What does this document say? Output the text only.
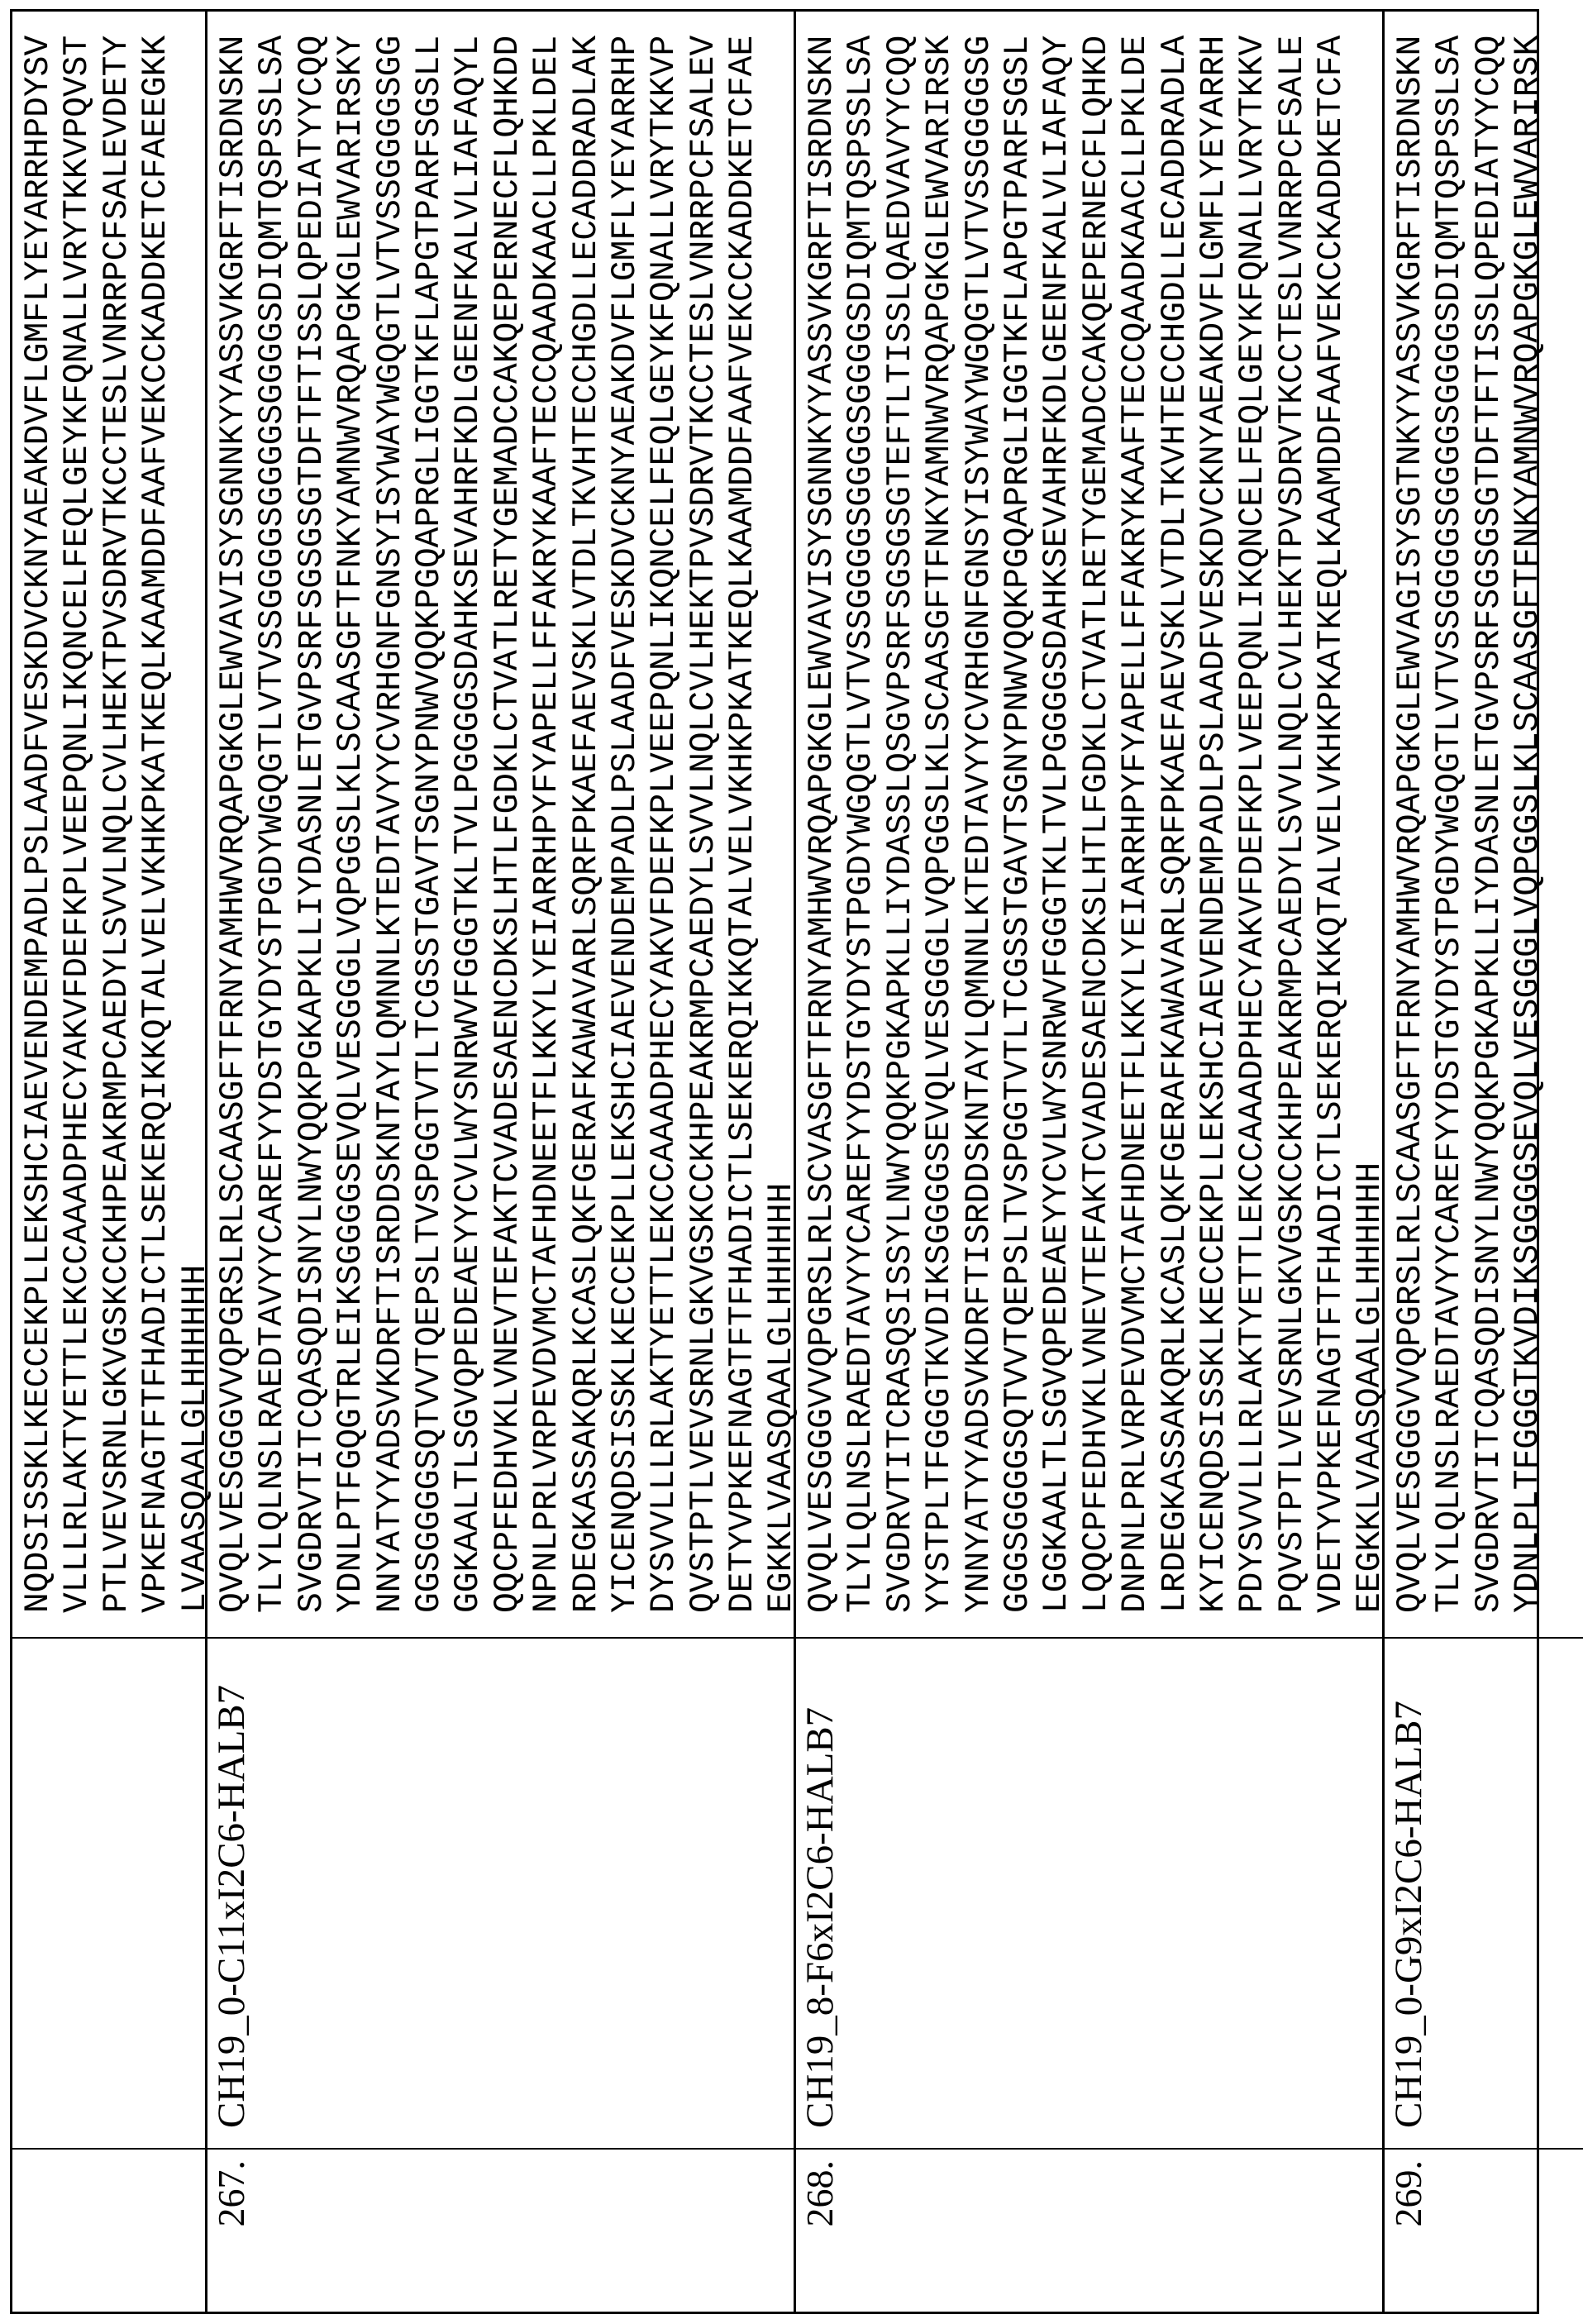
NQDSISSKLKECCEKPLLEKSHCIAEVENDEMPADLPSLAADFVESKDVCKNYAEAKDVFLGMFLYEYARRHPDYSV VLLLRLAKTYETTLEKCCAAADPHECYAKVFDEFKPLVEEPQNLIKQNCELFEQLGEYKFQNALLVRYTKKVPQVST PTLVEVSRNLGKVGSKCCKHPEAKRMPCAEDYLSVVLNQLCVLHEKTPVSDRVTKCCTESLVNRRPCFSALEVDETY VPKEFNAGTFTFHADICTLSEKERQIKKQTALVELVKHKPKATKEQLKAAMDDFAAFVEKCCKADDKETCFAEEGKK LVAASQAALGLHHHHHH
267.
CH19_0-C11xI2C6-HALB7
QVQLVESGGGVVQPGRSLRLSCAASGFTFRNYAMHWVRQAPGKGLEWVAVISYSGNNKYYASSVKGRFTISRDNSKN TLYLQLNSLRAEDTAVYYCAREFYYDSTGYDYSTPGDYWGQGTLVTVSSGGGGSGGGGSGGGGSDIQMTQSPSSLSA SVGDRVTITCQASQDISNYLNWYQQKPGKAPKLLIYDASNLETGVPSRFSGSGSGTDFTFTISSLQPEDIATYYCQQ YDNLPTFGQGTRLEIKSGGGGSEVQLVESGGGLVQPGGSLKLSCAASGFTFNKYAMNWVRQAPGKGLEWVARIRSKY NNYATYYADSVKDRFTISRDDSKNTAYLQMNNLKTEDTAVYYCVRHGNFGNSYISYWAYWGQGTLVTVSSGGGGSGG GGSGGGGSQTVVTQEPSLTVSPGGTVTLTCGSSTGAVTSGNYPNWVQQKPGQAPRGLIGGTKFLAPGTPARFSGSLL GGKAALTLSGVQPEDEAEYYCVLWYSNRWVFGGGTKLTVLPGGGGSDAHKSEVAHRFKDLGEENFKALVLIAFAQYL QQCPFEDHVKLVNEVTEFAKTCVADESAENCDKSLHTLFGDKLCTVATLRETYGEMADCCAKQEPERNECFLQHKDD NPNLPRLVRPEVDVMCTAFHDNEETFLKKYLYEIARRHPYFYAPELLFFAKRYKAAFTECCQAADKAACLLPKLDEL RDEGKASSAKQRLKCASLQKFGERAFKAWAVARLSQRFPKAEFAEVSKLVTDLTKVHTECCHGDLLECADDRADLAK YICENQDSISSKLKECCEKPLLEKSHCIAEVENDEMPADLPSLAADFVESKDVCKNYAEAKDVFLGMFLYEYARRHP DYSVVLLLRLAKTYETTLEKCCAAADPHECYAKVFDEFKPLVEEPQNLIKQNCELFEQLGEYKFQNALLVRYTKKVP QVSTPTLVEVSRNLGKVGSKCCKHPEAKRMPCAEDYLSVVLNQLCVLHEKTPVSDRVTKCCTESLVNRRPCFSALEV DETYVPKEFNAGTFTFHADICTLSEKERQIKKQTALVELVKHKPKATKEQLKAAMDDFAAFVEKCCKADDKETCFAE EGKKLVAASQAALGLHHHHHH
268.
CH19_8-F6xI2C6-HALB7
QVQLVESGGGVVQPGRSLRLSCVASGFTFRNYAMHWVRQAPGKGLEWVAVISYSGNNKYYASSVKGRFTISRDNSKN TLYLQLNSLRAEDTAVYYCAREFYYDSTGYDYSTPGDYWGQGTLVTVSSGGGGSGGGGSGGGGSDIQMTQSPSSLSA SVGDRVTITCRASQSISSYLNWYQQKPGKAPKLLIYDASSLQSGVPSRFSGSGSGTEFTLTISSLQAEDVAVYYCQQ YYSTPLTFGGGTKVDIKSGGGGSEVQLVESGGGLVQPGGSLKLSCAASGFTFNKYAMNWVRQAPGKGLEWVARIRSK YNNYATYYADSVKDRFTISRDDSKNTAYLQMNNLKTEDTAVYYCVRHGNFGNSYISYWAYWGQGTLVTVSSGGGGSG GGGSGGGGSQTVVTQEPSLTVSPGGTVTLTCGSSTGAVTSGNYPNWVQQKPGQAPRGLIGGTKFLAPGTPARFSGSL LGGKAALTLSGVQPEDEAEYYCVLWYSNRWVFGGGTKLTVLPGGGGSDAHKSEVAHRFKDLGEENFKALVLIAFAQY LQQCPFEDHVKLVNEVTEFAKTCVADESAENCDKSLHTLFGDKLCTVATLRETYGEMADCCAKQEPERNECFLQHKD DNPNLPRLVRPEVDVMCTAFHDNEETFLKKYLYEIARRHPYFYAPELLFFAKRYKAAFTECCQAADKAACLLPKLDE LRDEGKASSAKQRLKCASLQKFGERAFKAWAVARLSQRFPKAEFAEVSKLVTDLTKVHTECCHGDLLECADDRADLA KYICENQDSISSKLKECCEKPLLEKSHCIAEVENDEMPADLPSLAADFVESKDVCKNYAEAKDVFLGMFLYEYARRH PDYSVVLLLRLAKTYETTLEKCCAAADPHECYAKVFDEFKPLVEEPQNLIKQNCELFEQLGEYKFQNALLVRYTKKV PQVSTPTLVEVSRNLGKVGSKCCKHPEAKRMPCAEDYLSVVLNQLCVLHEKTPVSDRVTKCCTESLVNRRPCFSALE VDETYVPKEFNAGTFTFHADICTLSEKERQIKKQTALVELVKHKPKATKEQLKAAMDDFAAFVEKCCKADDKETCFA EEGKKLVAASQAALGLHHHHHH
269.
CH19_0-G9xI2C6-HALB7
QVQLVESGGGVVQPGRSLRLSCAASGFTFRNYAMHWVRQAPGKGLEWVAGISYSGTNKYYASSVKGRFTISRDNSKN TLYLQLNSLRAEDTAVYYCAREFYYDSTGYDYSTPGDYWGQGTLVTVSSGGGGSGGGGSGGGGSDIQMTQSPSSLSA SVGDRVTITCQASQDISNYLNWYQQKPGKAPKLLIYDASNLETGVPSRFSGSGSGTDFTFTISSLQPEDIATYYCQQ YDNLPLTFGGGTKVDIKSGGGGSEVQLVESGGGLVQPGGSLKLSCAASGFTFNKYAMNWVRQAPGKGLEWVARIRSK
